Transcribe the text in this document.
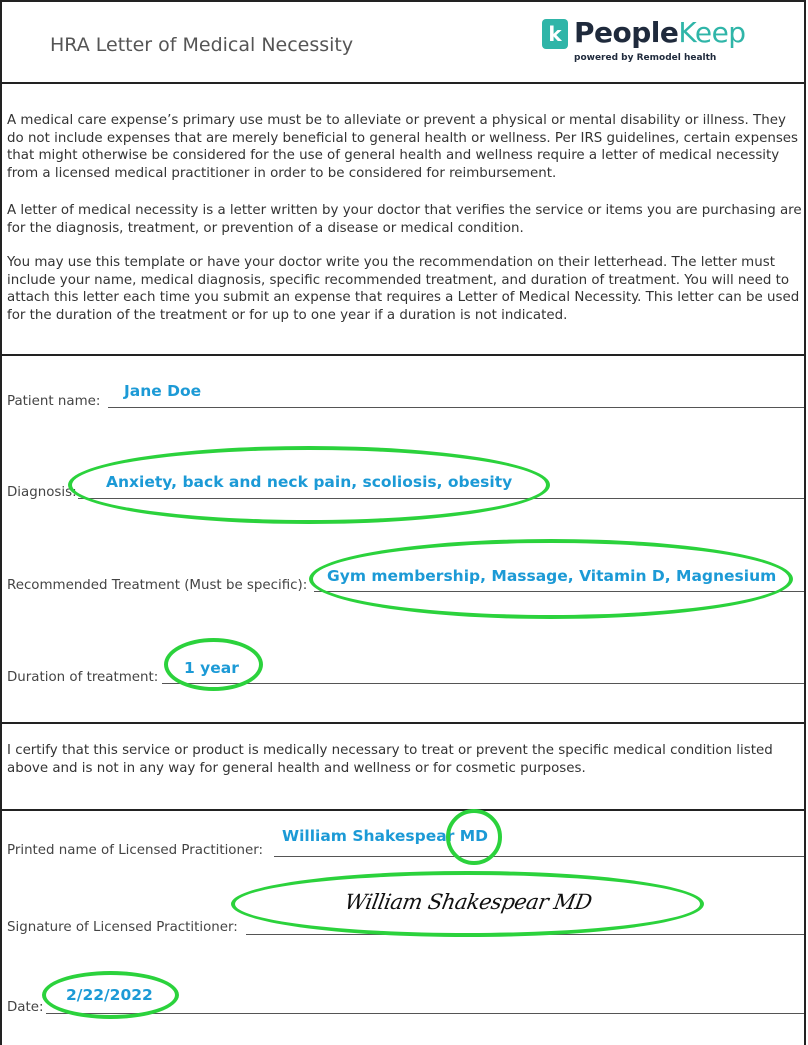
HRA Letter of Medical Necessity	k PeopleKeep
powered by Remodel health
A medical care expense’s primary use must be to alleviate or prevent a physical or mental disability or illness. They do not include expenses that are merely beneficial to general health or wellness. Per IRS guidelines, certain expenses that might otherwise be considered for the use of general health and wellness require a letter of medical necessity from a licensed medical practitioner in order to be considered for reimbursement.
A letter of medical necessity is a letter written by your doctor that verifies the service or items you are purchasing are for the diagnosis, treatment, or prevention of a disease or medical condition.
You may use this template or have your doctor write you the recommendation on their letterhead. The letter must include your name, medical diagnosis, specific recommended treatment, and duration of treatment. You will need to attach this letter each time you submit an expense that requires a Letter of Medical Necessity. This letter can be used for the duration of the treatment or for up to one year if a duration is not indicated.
Patient name:
Jane Doe
Diagnosis:
Anxiety, back and neck pain, scoliosis, obesity
Recommended Treatment (Must be specific):
Gym membership, Massage, Vitamin D, Magnesium
Duration of treatment:
1 year
I certify that this service or product is medically necessary to treat or prevent the specific medical condition listed above and is not in any way for general health and wellness or for cosmetic purposes.
Printed name of Licensed Practitioner:
William Shakespear MD
Signature of Licensed Practitioner:
William Shakespear MD
Date:
2/22/2022
